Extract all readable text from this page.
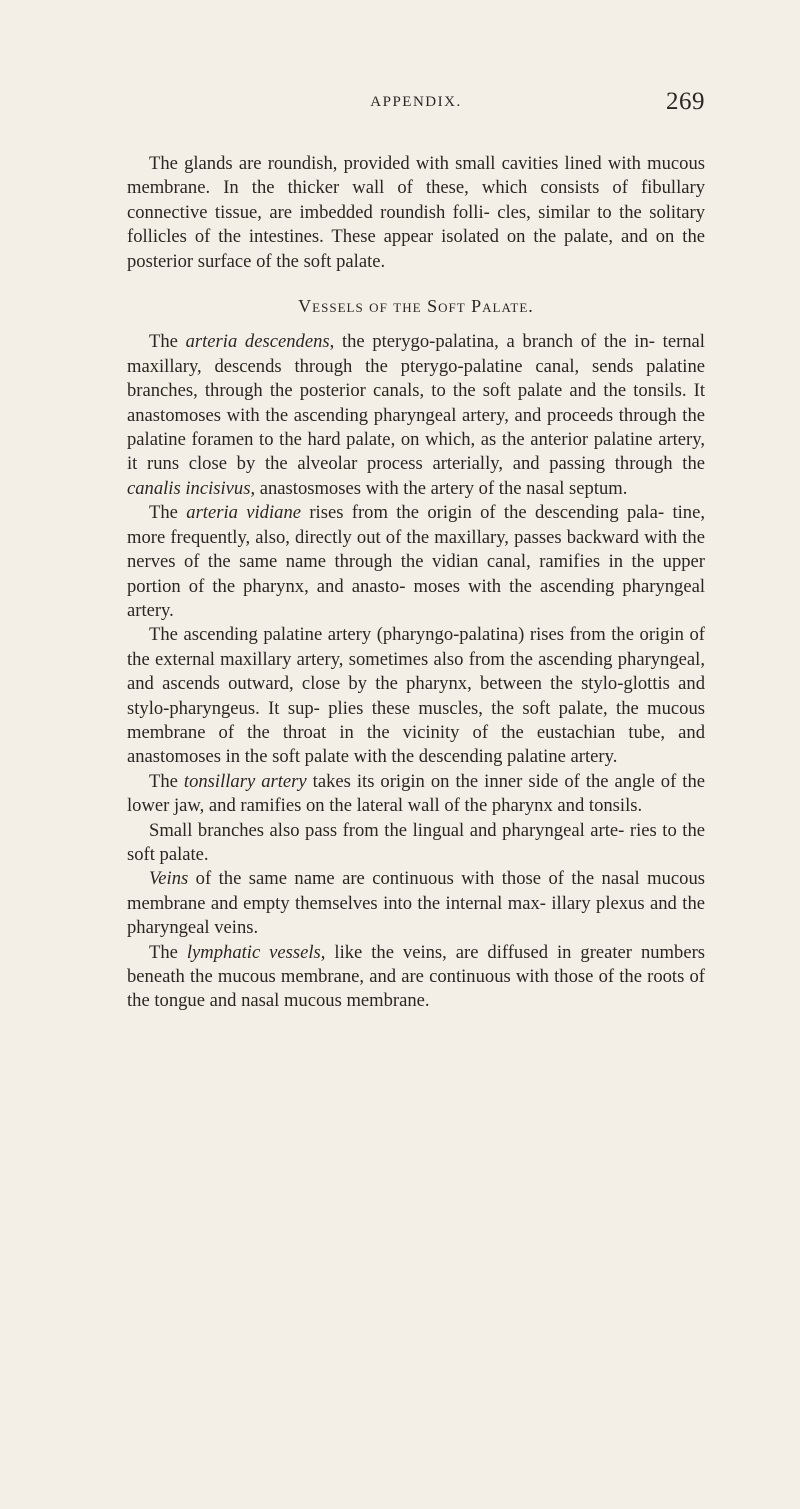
APPENDIX.	269

The glands are roundish, provided with small cavities lined with mucous membrane. In the thicker wall of these, which consists of fibullary connective tissue, are imbedded roundish folli- cles, similar to the solitary follicles of the intestines. These appear isolated on the palate, and on the posterior surface of the soft palate.

Vessels of the Soft Palate.

The arteria descendens, the pterygo-palatina, a branch of the in- ternal maxillary, descends through the pterygo-palatine canal, sends palatine branches, through the posterior canals, to the soft palate and the tonsils. It anastomoses with the ascending pharyngeal artery, and proceeds through the palatine foramen to the hard palate, on which, as the anterior palatine artery, it runs close by the alveolar process arterially, and passing through the canalis incisivus, anastosmoses with the artery of the nasal septum.

The arteria vidiane rises from the origin of the descending pala- tine, more frequently, also, directly out of the maxillary, passes backward with the nerves of the same name through the vidian canal, ramifies in the upper portion of the pharynx, and anasto- moses with the ascending pharyngeal artery.

The ascending palatine artery (pharyngo-palatina) rises from the origin of the external maxillary artery, sometimes also from the ascending pharyngeal, and ascends outward, close by the pharynx, between the stylo-glottis and stylo-pharyngeus. It sup- plies these muscles, the soft palate, the mucous membrane of the throat in the vicinity of the eustachian tube, and anastomoses in the soft palate with the descending palatine artery.

The tonsillary artery takes its origin on the inner side of the angle of the lower jaw, and ramifies on the lateral wall of the pharynx and tonsils.

Small branches also pass from the lingual and pharyngeal arte- ries to the soft palate.

Veins of the same name are continuous with those of the nasal mucous membrane and empty themselves into the internal max- illary plexus and the pharyngeal veins.

The lymphatic vessels, like the veins, are diffused in greater numbers beneath the mucous membrane, and are continuous with those of the roots of the tongue and nasal mucous membrane.
